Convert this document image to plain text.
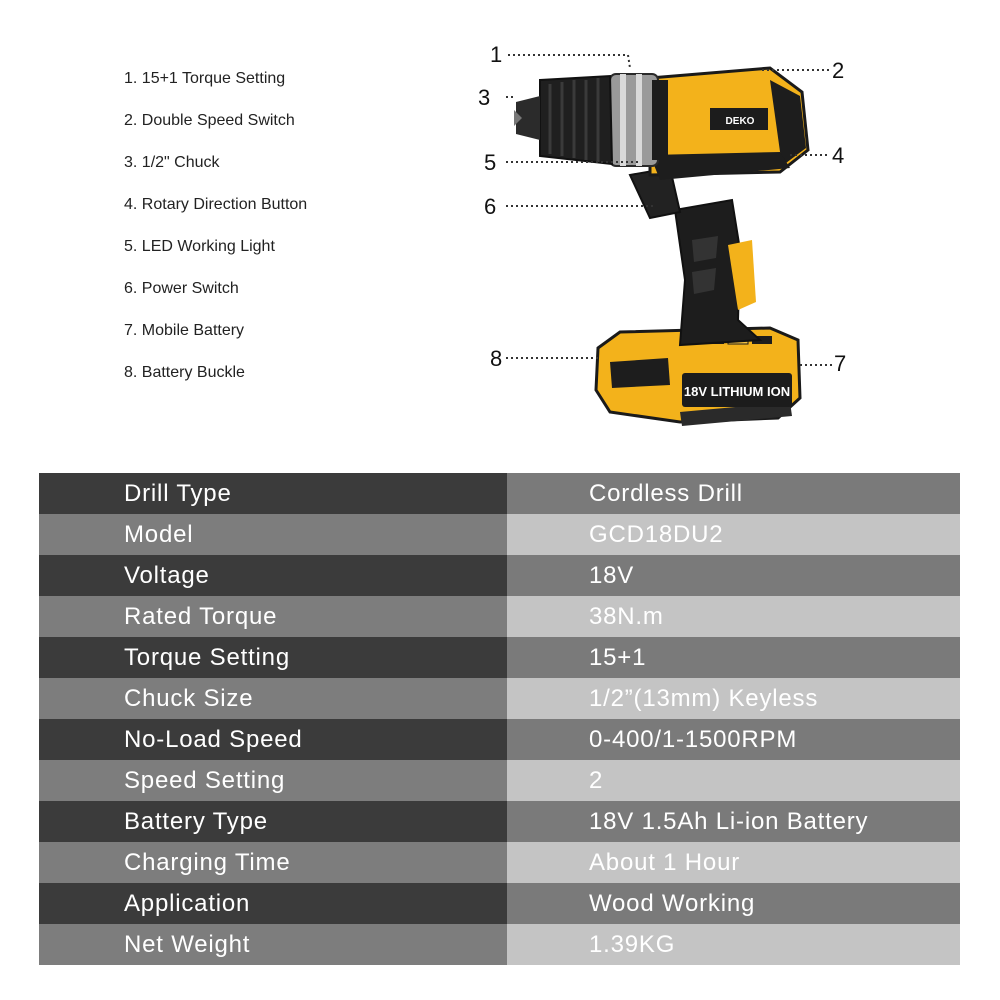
1. 15+1 Torque Setting
2. Double Speed Switch
3. 1/2" Chuck
4. Rotary Direction Button
5. LED Working Light
6. Power Switch
7. Mobile Battery
8. Battery Buckle
18V LITHIUM ION
DEKO
1
2
3
4
5
6
7
8
Drill Type	Cordless Drill
Model	GCD18DU2
Voltage	18V
Rated Torque	38N.m
Torque Setting	15+1
Chuck Size	1/2”(13mm) Keyless
No-Load Speed	0-400/1-1500RPM
Speed Setting	2
Battery Type	18V 1.5Ah Li-ion Battery
Charging Time	About 1 Hour
Application	Wood Working
Net Weight	1.39KG
